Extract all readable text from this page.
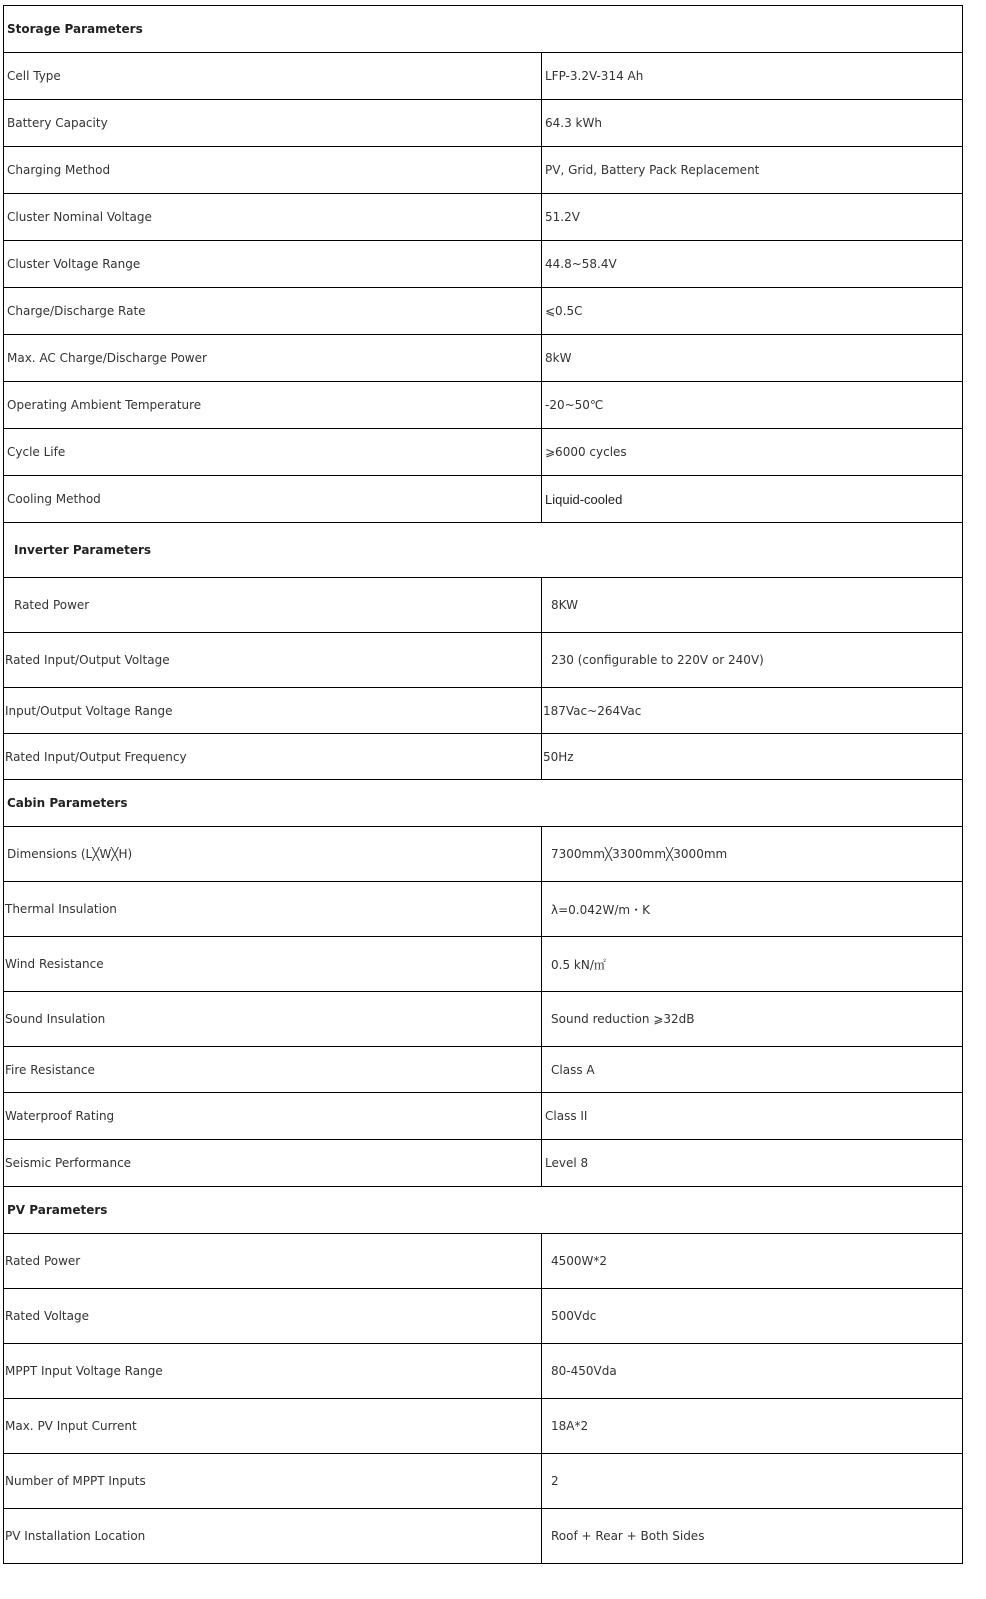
Storage Parameters	
Cell Type	LFP-3.2V-314 Ah
Battery Capacity	64.3 kWh
Charging Method	PV, Grid, Battery Pack Replacement
Cluster Nominal Voltage	51.2V
Cluster Voltage Range	44.8~58.4V
Charge/Discharge Rate	⩽0.5C
Max. AC Charge/Discharge Power	8kW
Operating Ambient Temperature	-20~50℃
Cycle Life	⩾6000 cycles
Cooling Method	Liquid-cooled
Inverter Parameters	
Rated Power	8KW
Rated Input/Output Voltage	230 (configurable to 220V or 240V)
Input/Output Voltage Range	187Vac~264Vac
Rated Input/Output Frequency	50Hz
Cabin Parameters	
Dimensions (L╳W╳H)	7300mm╳3300mm╳3000mm
Thermal Insulation	λ=0.042W/m・K
Wind Resistance	0.5 kN/㎡
Sound Insulation	Sound reduction ⩾32dB
Fire Resistance	Class A
Waterproof Rating	Class II
Seismic Performance	Level 8
PV Parameters	
Rated Power	4500W*2
Rated Voltage	500Vdc
MPPT Input Voltage Range	80-450Vda
Max. PV Input Current	18A*2
Number of MPPT Inputs	2
PV Installation Location	Roof + Rear + Both Sides
